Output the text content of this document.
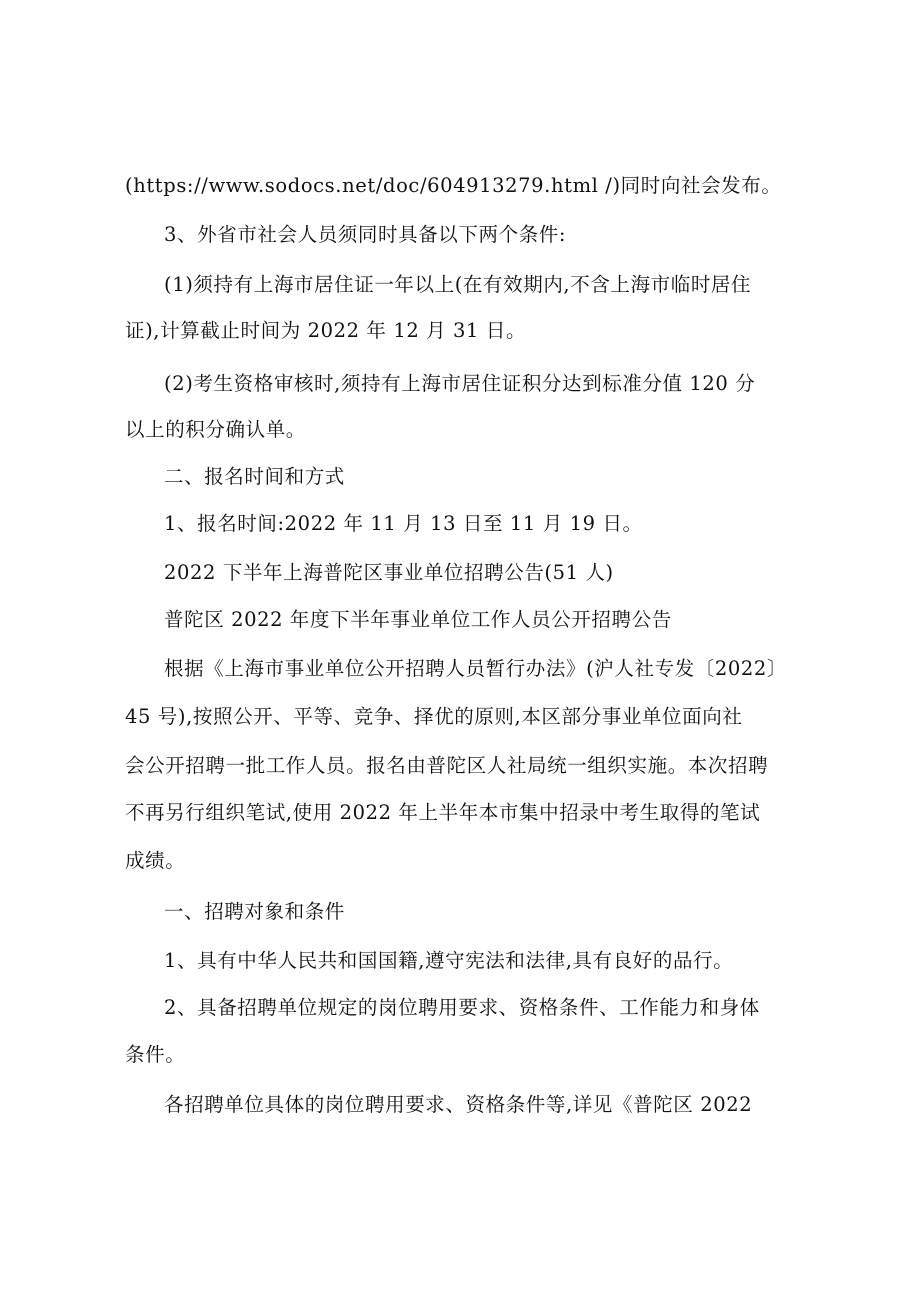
(https://www.sodocs.net/doc/604913279.html /)同时向社会发布。
3、外省市社会人员须同时具备以下两个条件:
(1)须持有上海市居住证一年以上(在有效期内,不含上海市临时居住
证),计算截止时间为 2022 年 12 月 31 日。
(2)考生资格审核时,须持有上海市居住证积分达到标准分值 120 分
以上的积分确认单。
二、报名时间和方式
1、报名时间:2022 年 11 月 13 日至 11 月 19 日。
2022 下半年上海普陀区事业单位招聘公告(51 人)
普陀区 2022 年度下半年事业单位工作人员公开招聘公告
根据《上海市事业单位公开招聘人员暂行办法》(沪人社专发〔2022〕
45 号),按照公开、平等、竞争、择优的原则,本区部分事业单位面向社
会公开招聘一批工作人员。报名由普陀区人社局统一组织实施。本次招聘
不再另行组织笔试,使用 2022 年上半年本市集中招录中考生取得的笔试
成绩。
一、招聘对象和条件
1、具有中华人民共和国国籍,遵守宪法和法律,具有良好的品行。
2、具备招聘单位规定的岗位聘用要求、资格条件、工作能力和身体
条件。
各招聘单位具体的岗位聘用要求、资格条件等,详见《普陀区 2022
